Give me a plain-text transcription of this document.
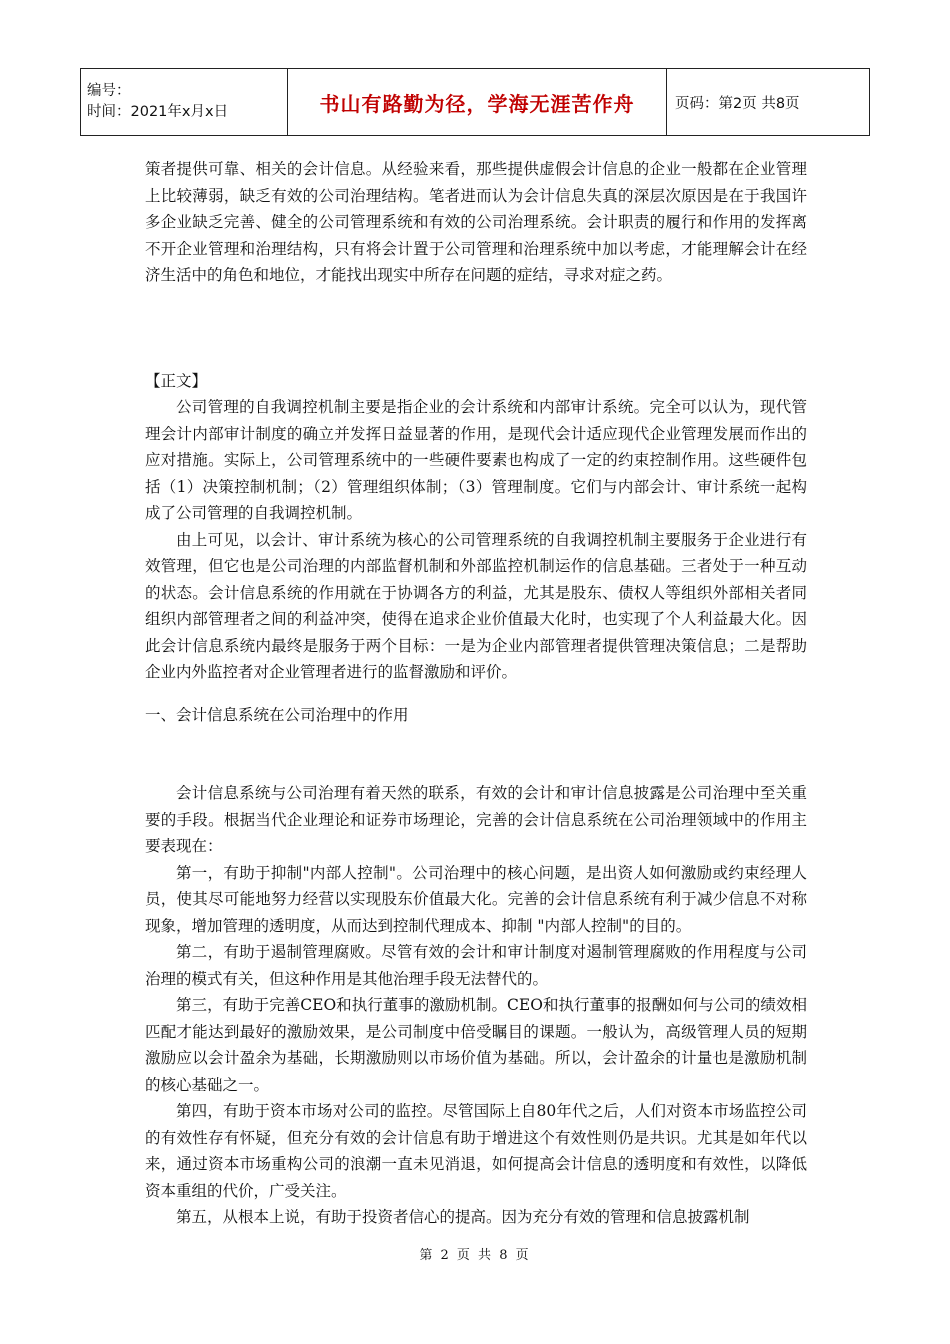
编号：
时间：2021年x月x日	书山有路勤为径，学海无涯苦作舟	页码：第2页 共8页

策者提供可靠、相关的会计信息。从经验来看，那些提供虚假会计信息的企业一般都在企业管理上比较薄弱，缺乏有效的公司治理结构。笔者进而认为会计信息失真的深层次原因是在于我国许多企业缺乏完善、健全的公司管理系统和有效的公司治理系统。会计职责的履行和作用的发挥离不开企业管理和治理结构，只有将会计置于公司管理和治理系统中加以考虑，才能理解会计在经济生活中的角色和地位，才能找出现实中所存在问题的症结，寻求对症之药。

【正文】

公司管理的自我调控机制主要是指企业的会计系统和内部审计系统。完全可以认为，现代管理会计内部审计制度的确立并发挥日益显著的作用，是现代会计适应现代企业管理发展而作出的应对措施。实际上，公司管理系统中的一些硬件要素也构成了一定的约束控制作用。这些硬件包括（1）决策控制机制；（2）管理组织体制；（3）管理制度。它们与内部会计、审计系统一起构成了公司管理的自我调控机制。

由上可见，以会计、审计系统为核心的公司管理系统的自我调控机制主要服务于企业进行有效管理，但它也是公司治理的内部监督机制和外部监控机制运作的信息基础。三者处于一种互动的状态。会计信息系统的作用就在于协调各方的利益，尤其是股东、债权人等组织外部相关者同组织内部管理者之间的利益冲突，使得在追求企业价值最大化时，也实现了个人利益最大化。因此会计信息系统内最终是服务于两个目标：一是为企业内部管理者提供管理决策信息；二是帮助企业内外监控者对企业管理者进行的监督激励和评价。

一、会计信息系统在公司治理中的作用

会计信息系统与公司治理有着天然的联系，有效的会计和审计信息披露是公司治理中至关重要的手段。根据当代企业理论和证券市场理论，完善的会计信息系统在公司治理领域中的作用主要表现在：

第一，有助于抑制"内部人控制"。公司治理中的核心问题，是出资人如何激励或约束经理人员，使其尽可能地努力经营以实现股东价值最大化。完善的会计信息系统有利于减少信息不对称现象，增加管理的透明度，从而达到控制代理成本、抑制 "内部人控制"的目的。

第二，有助于遏制管理腐败。尽管有效的会计和审计制度对遏制管理腐败的作用程度与公司治理的模式有关，但这种作用是其他治理手段无法替代的。

第三，有助于完善CEO和执行董事的激励机制。CEO和执行董事的报酬如何与公司的绩效相匹配才能达到最好的激励效果，是公司制度中倍受瞩目的课题。一般认为，高级管理人员的短期激励应以会计盈余为基础，长期激励则以市场价值为基础。所以，会计盈余的计量也是激励机制的核心基础之一。

第四，有助于资本市场对公司的监控。尽管国际上自80年代之后，人们对资本市场监控公司的有效性存有怀疑，但充分有效的会计信息有助于增进这个有效性则仍是共识。尤其是如年代以来，通过资本市场重构公司的浪潮一直未见消退，如何提高会计信息的透明度和有效性，以降低资本重组的代价，广受关注。

第五，从根本上说，有助于投资者信心的提高。因为充分有效的管理和信息披露机制

第 2 页 共 8 页
